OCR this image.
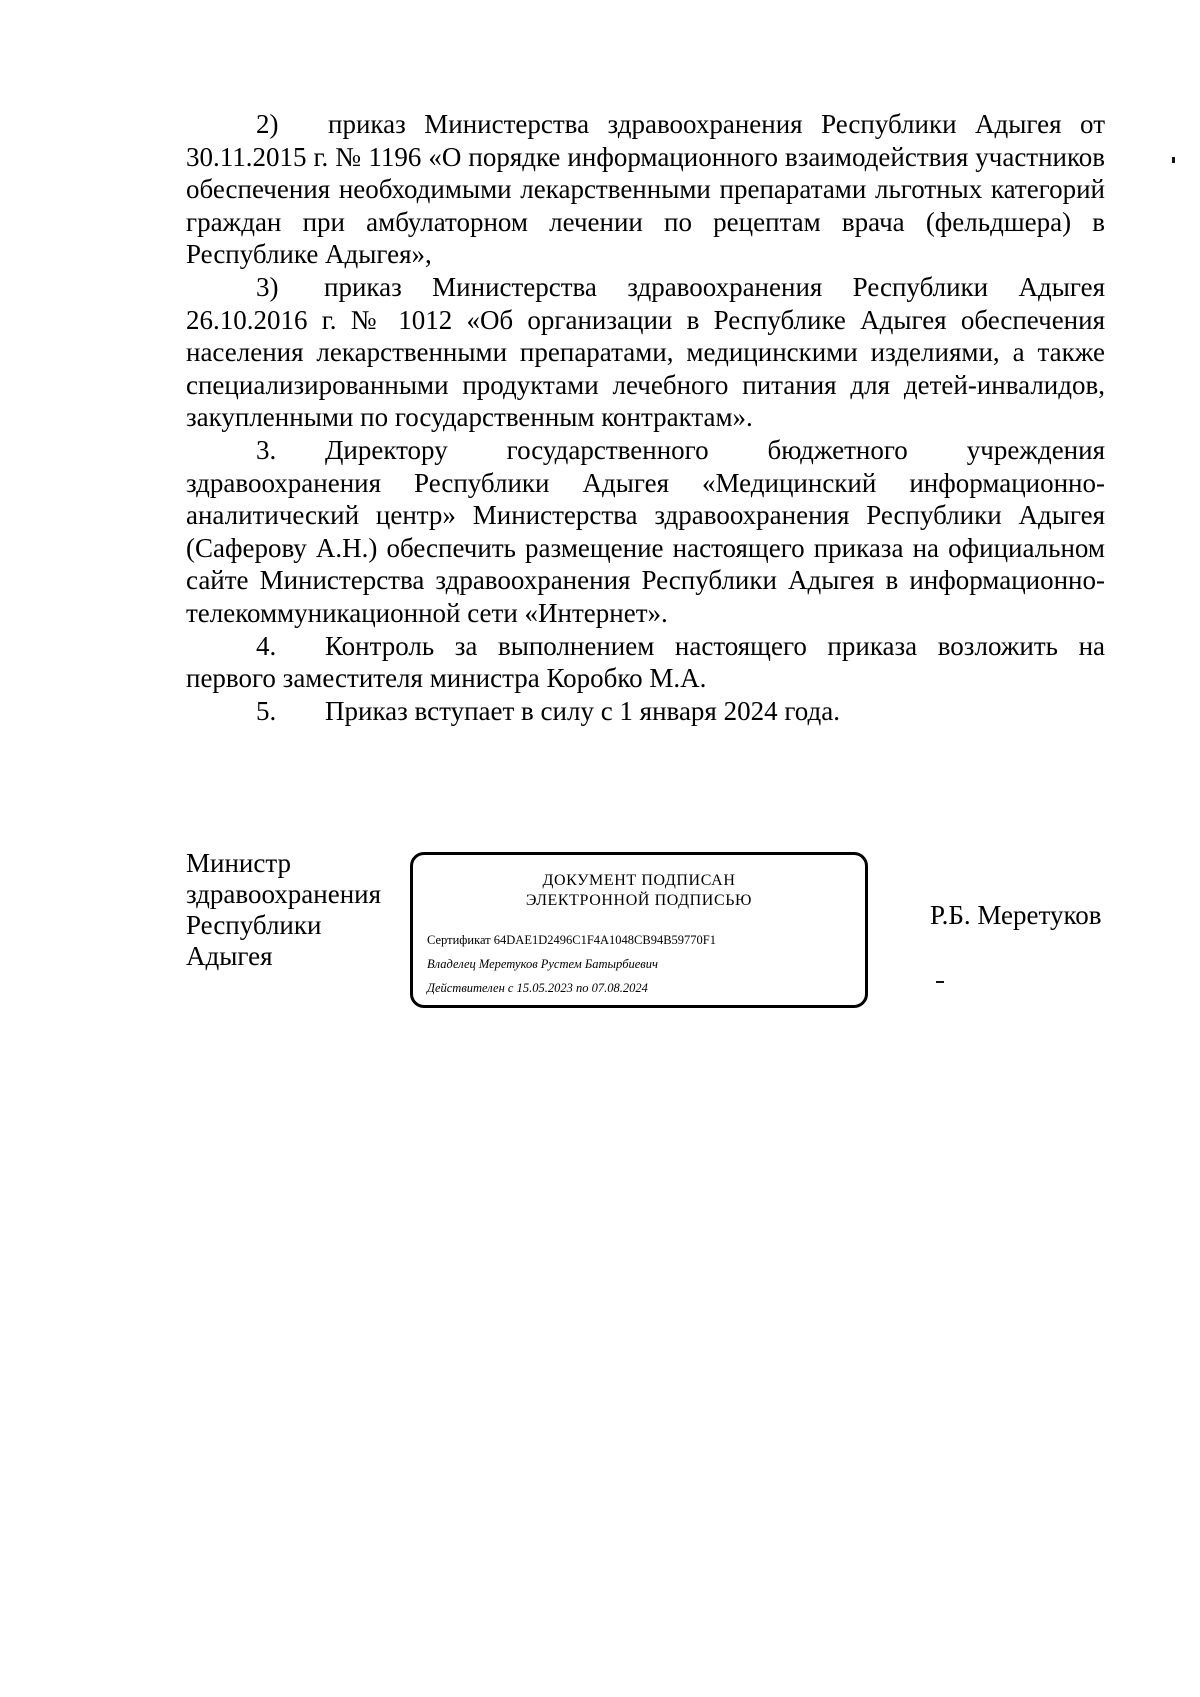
2) приказ Министерства здравоохранения Республики Адыгея от 30.11.2015 г. № 1196 «О порядке информационного взаимодействия участников обеспечения необходимыми лекарственными препаратами льготных категорий граждан при амбулаторном лечении по рецептам врача (фельдшера) в Республике Адыгея»,

3) приказ Министерства здравоохранения Республики Адыгея 26.10.2016 г. № 1012 «Об организации в Республике Адыгея обеспечения населения лекарственными препаратами, медицинскими изделиями, а также специализированными продуктами лечебного питания для детей-инвалидов, закупленными по государственным контрактам».

3. Директору государственного бюджетного учреждения здравоохранения Республики Адыгея «Медицинский информационно-аналитический центр» Министерства здравоохранения Республики Адыгея (Саферову А.Н.) обеспечить размещение настоящего приказа на официальном сайте Министерства здравоохранения Республики Адыгея в информационно-телекоммуникационной сети «Интернет».

4. Контроль за выполнением настоящего приказа возложить на первого заместителя министра Коробко М.А.

5. Приказ вступает в силу с 1 января 2024 года.

Министр
здравоохранения
Республики
Адыгея
ДОКУМЕНТ ПОДПИСАН
ЭЛЕКТРОННОЙ ПОДПИСЬЮ
Сертификат 64DAE1D2496C1F4A1048CB94B59770F1
Владелец Меретуков Рустем Батырбиевич
Действителен с 15.05.2023 по 07.08.2024
Р.Б. Меретуков
